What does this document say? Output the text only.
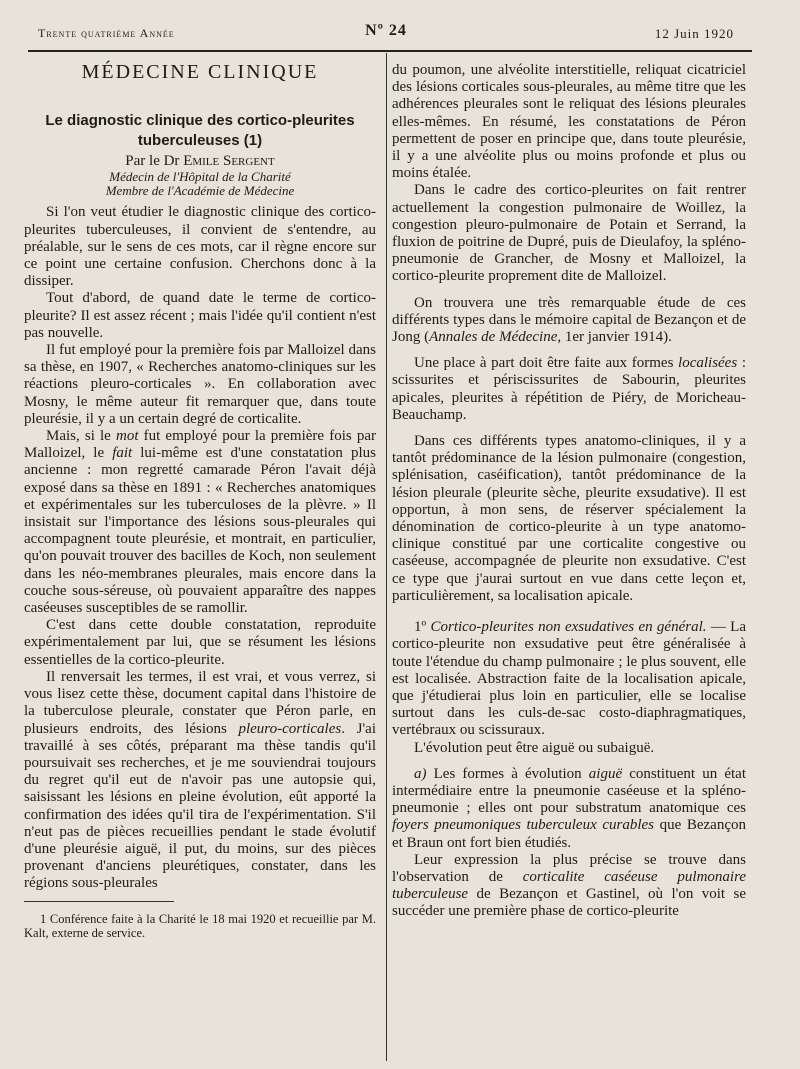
Trente quatrième Année	Nº 24	12 Juin 1920
MÉDECINE CLINIQUE
Le diagnostic clinique des cortico-pleurites
tuberculeuses (1)

Par le Dr Emile Sergent

Médecin de l'Hôpital de la Charité

Membre de l'Académie de Médecine

Si l'on veut étudier le diagnostic clinique des cortico-pleurites tuberculeuses, il convient de s'entendre, au préalable, sur le sens de ces mots, car il règne encore sur ce point une certaine confusion. Cherchons donc à la dissiper.

Tout d'abord, de quand date le terme de cortico-pleurite? Il est assez récent ; mais l'idée qu'il contient n'est pas nouvelle.

Il fut employé pour la première fois par Malloizel dans sa thèse, en 1907, « Recherches anatomo-cliniques sur les réactions pleuro-corticales ». En collaboration avec Mosny, le même auteur fit remarquer que, dans toute pleurésie, il y a un certain degré de corticalite.

Mais, si le mot fut employé pour la première fois par Malloizel, le fait lui-même est d'une constatation plus ancienne : mon regretté camarade Péron l'avait déjà exposé dans sa thèse en 1891 : « Recherches anatomiques et expérimentales sur les tuberculoses de la plèvre. » Il insistait sur l'importance des lésions sous-pleurales qui accompagnent toute pleurésie, et montrait, en particulier, qu'on pouvait trouver des bacilles de Koch, non seulement dans les néo-membranes pleurales, mais encore dans la couche sous-séreuse, où pouvaient apparaître des nappes caséeuses susceptibles de se ramollir.

C'est dans cette double constatation, reproduite expérimentalement par lui, que se résument les lésions essentielles de la cortico-pleurite.

Il renversait les termes, il est vrai, et vous verrez, si vous lisez cette thèse, document capital dans l'histoire de la tuberculose pleurale, constater que Péron parle, en plusieurs endroits, des lésions pleuro-corticales. J'ai travaillé à ses côtés, préparant ma thèse tandis qu'il poursuivait ses recherches, et je me souviendrai toujours du regret qu'il eut de n'avoir pas une autopsie qui, saisissant les lésions en pleine évolution, eût apporté la confirmation des idées qu'il tira de l'expérimentation. S'il n'eut pas de pièces recueillies pendant le stade évolutif d'une pleurésie aiguë, il put, du moins, sur des pièces provenant d'anciens pleurétiques, constater, dans les régions sous-pleurales

1 Conférence faite à la Charité le 18 mai 1920 et recueillie par M. Kalt, externe de service.

du poumon, une alvéolite interstitielle, reliquat cicatriciel des lésions corticales sous-pleurales, au même titre que les adhérences pleurales sont le reliquat des lésions pleurales elles-mêmes. En résumé, les constatations de Péron permettent de poser en principe que, dans toute pleurésie, il y a une alvéolite plus ou moins profonde et plus ou moins étalée.

Dans le cadre des cortico-pleurites on fait rentrer actuellement la congestion pulmonaire de Woillez, la congestion pleuro-pulmonaire de Potain et Serrand, la fluxion de poitrine de Dupré, puis de Dieulafoy, la spléno-pneumonie de Grancher, de Mosny et Malloizel, la cortico-pleurite proprement dite de Malloizel.

On trouvera une très remarquable étude de ces différents types dans le mémoire capital de Bezançon et de Jong (Annales de Médecine, 1er janvier 1914).

Une place à part doit être faite aux formes localisées : scissurites et périscissurites de Sabourin, pleurites apicales, pleurites à répétition de Piéry, de Moricheau-Beauchamp.

Dans ces différents types anatomo-cliniques, il y a tantôt prédominance de la lésion pulmonaire (congestion, splénisation, caséification), tantôt prédominance de la lésion pleurale (pleurite sèche, pleurite exsudative). Il est opportun, à mon sens, de réserver spécialement la dénomination de cortico-pleurite à un type anatomo-clinique constitué par une corticalite congestive ou caséeuse, accompagnée de pleurite non exsudative. C'est ce type que j'aurai surtout en vue dans cette leçon et, particulièrement, sa localisation apicale.

1º Cortico-pleurites non exsudatives en général. — La cortico-pleurite non exsudative peut être généralisée à toute l'étendue du champ pulmonaire ; le plus souvent, elle est localisée. Abstraction faite de la localisation apicale, que j'étudierai plus loin en particulier, elle se localise surtout dans les culs-de-sac costo-diaphragmatiques, vertébraux ou scissuraux.

L'évolution peut être aiguë ou subaiguë.

a) Les formes à évolution aiguë constituent un état intermédiaire entre la pneumonie caséeuse et la spléno-pneumonie ; elles ont pour substratum anatomique ces foyers pneumoniques tuberculeux curables que Bezançon et Braun ont fort bien étudiés.

Leur expression la plus précise se trouve dans l'observation de corticalite caséeuse pulmonaire tuberculeuse de Bezançon et Gastinel, où l'on voit se succéder une première phase de cortico-pleurite
